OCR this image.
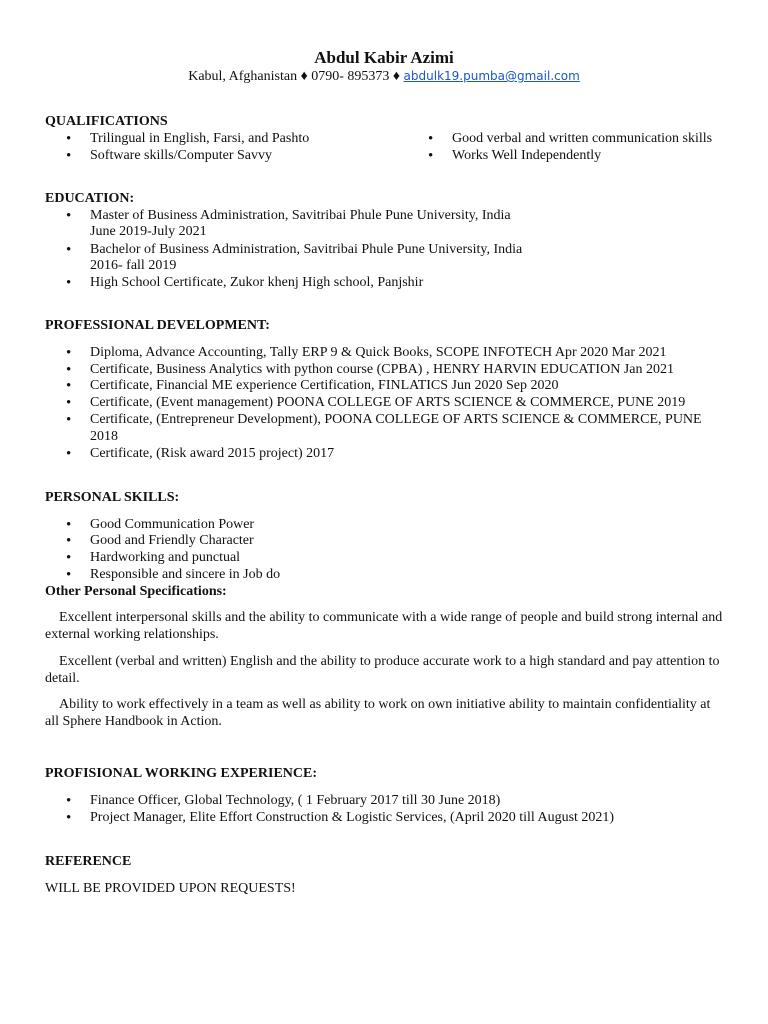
Abdul Kabir Azimi
Kabul, Afghanistan ♦ 0790- 895373 ♦ abdulk19.pumba@gmail.com
QUALIFICATIONS
• Trilingual in English, Farsi, and Pashto
• Software skills/Computer Savvy
• Good verbal and written communication skills
• Works Well Independently
EDUCATION:
• Master of Business Administration, Savitribai Phule Pune University, India
June 2019-July 2021
• Bachelor of Business Administration, Savitribai Phule Pune University, India
2016- fall 2019
• High School Certificate, Zukor khenj High school, Panjshir
PROFESSIONAL DEVELOPMENT:
• Diploma, Advance Accounting, Tally ERP 9 & Quick Books, SCOPE INFOTECH Apr 2020 Mar 2021
• Certificate, Business Analytics with python course (CPBA) , HENRY HARVIN EDUCATION Jan 2021
• Certificate, Financial ME experience Certification, FINLATICS Jun 2020 Sep 2020
• Certificate, (Event management) POONA COLLEGE OF ARTS SCIENCE & COMMERCE, PUNE 2019
• Certificate, (Entrepreneur Development), POONA COLLEGE OF ARTS SCIENCE & COMMERCE, PUNE
2018
• Certificate, (Risk award 2015 project) 2017
PERSONAL SKILLS:
• Good Communication Power
• Good and Friendly Character
• Hardworking and punctual
• Responsible and sincere in Job do
Other Personal Specifications:
Excellent interpersonal skills and the ability to communicate with a wide range of people and build strong internal and external working relationships.
Excellent (verbal and written) English and the ability to produce accurate work to a high standard and pay attention to detail.
Ability to work effectively in a team as well as ability to work on own initiative ability to maintain confidentiality at all Sphere Handbook in Action.
PROFISIONAL WORKING EXPERIENCE:
• Finance Officer, Global Technology, ( 1 February 2017 till 30 June 2018)
• Project Manager, Elite Effort Construction & Logistic Services, (April 2020 till August 2021)
REFERENCE
WILL BE PROVIDED UPON REQUESTS!
